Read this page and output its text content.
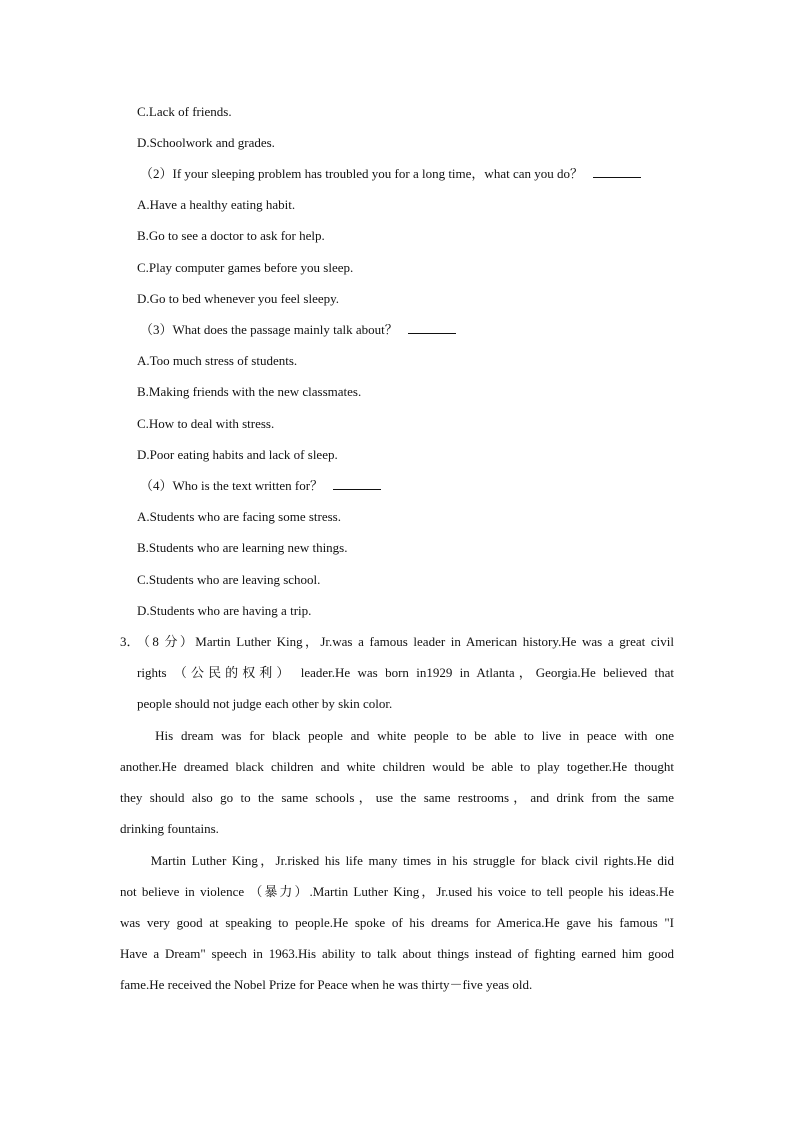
C.Lack of friends.
D.Schoolwork and grades.
（2）If your sleeping problem has troubled you for a long time，what can you do？
A.Have a healthy eating habit.
B.Go to see a doctor to ask for help.
C.Play computer games before you sleep.
D.Go to bed whenever you feel sleepy.
（3）What does the passage mainly talk about？
A.Too much stress of students.
B.Making friends with the new classmates.
C.How to deal with stress.
D.Poor eating habits and lack of sleep.
（4）Who is the text written for？
A.Students who are facing some stress.
B.Students who are learning new things.
C.Students who are leaving school.
D.Students who are having a trip.
3．
（8 分）Martin Luther King，Jr.was a famous leader in American history.He was a great civil
rights （公民的权利） leader.He was born in1929 in Atlanta，Georgia.He believed that
people should not judge each other by skin color.
　　His dream was for black people and white people to be able to live in peace with one
another.He dreamed black children and white children would be able to play together.He thought
they should also go to the same schools，use the same restrooms，and drink from the same
drinking fountains.
　　Martin Luther King，Jr.risked his life many times in his struggle for black civil rights.He did
not believe in violence （暴力）.Martin Luther King，Jr.used his voice to tell people his ideas.He
was very good at speaking to people.He spoke of his dreams for America.He gave his famous "I
Have a Dream" speech in 1963.His ability to talk about things instead of fighting earned him good
fame.He received the Nobel Prize for Peace when he was thirty－five yeas old.
